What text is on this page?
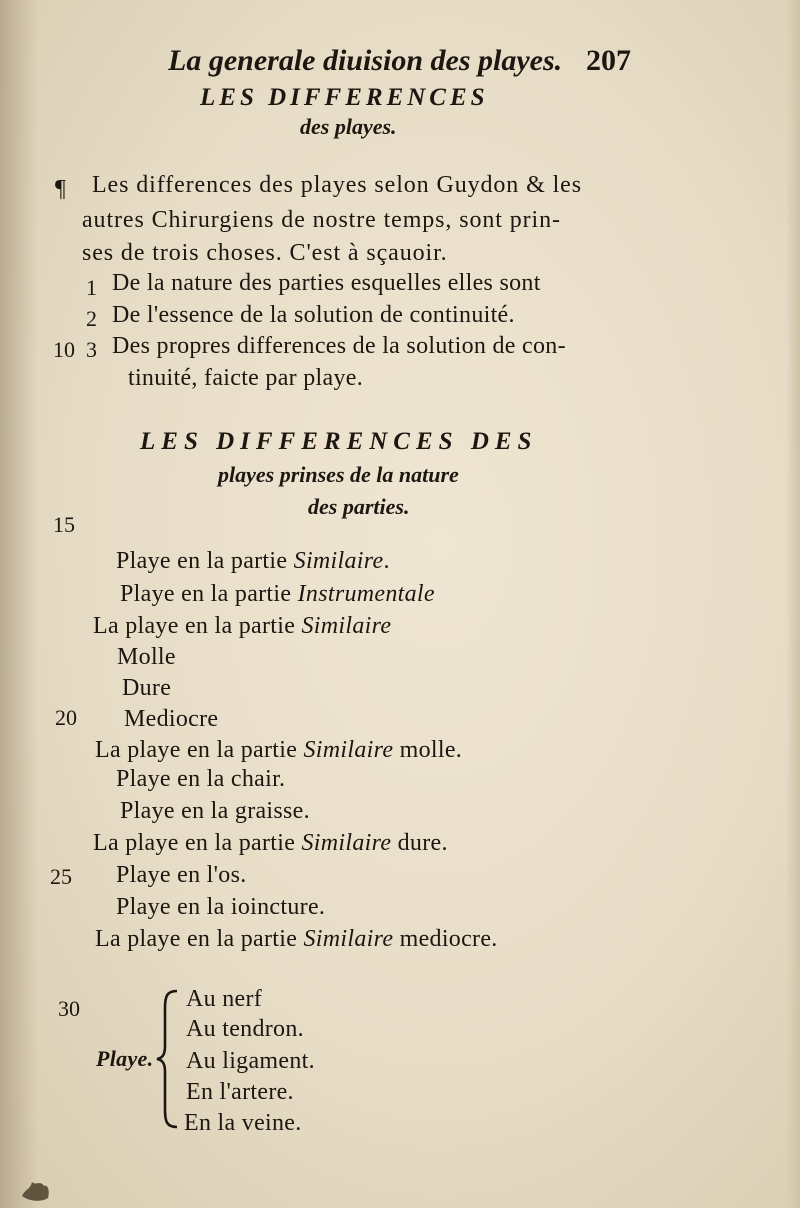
La generale diuision des playes. 207
LES DIFFERENCES
des playes.
¶ Les differences des playes selon Guydon & les
autres Chirurgiens de nostre temps, sont prin-
ses de trois choses. C'est à sçauoir.
1 De la nature des parties esquelles elles sont
2 De l'essence de la solution de continuité.
10 3 Des propres differences de la solution de con-
tinuité, faicte par playe.
LES DIFFERENCES DES
playes prinses de la nature
des parties.
15
Playe en la partie Similaire.
Playe en la partie Instrumentale
La playe en la partie Similaire
Molle
Dure
20 Mediocre
La playe en la partie Similaire molle.
Playe en la chair.
Playe en la graisse.
La playe en la partie Similaire dure.
25 Playe en l'os.
Playe en la ioincture.
La playe en la partie Similaire mediocre.
30
Playe.
Au nerf
Au tendron.
Au ligament.
En l'artere.
En la veine.
